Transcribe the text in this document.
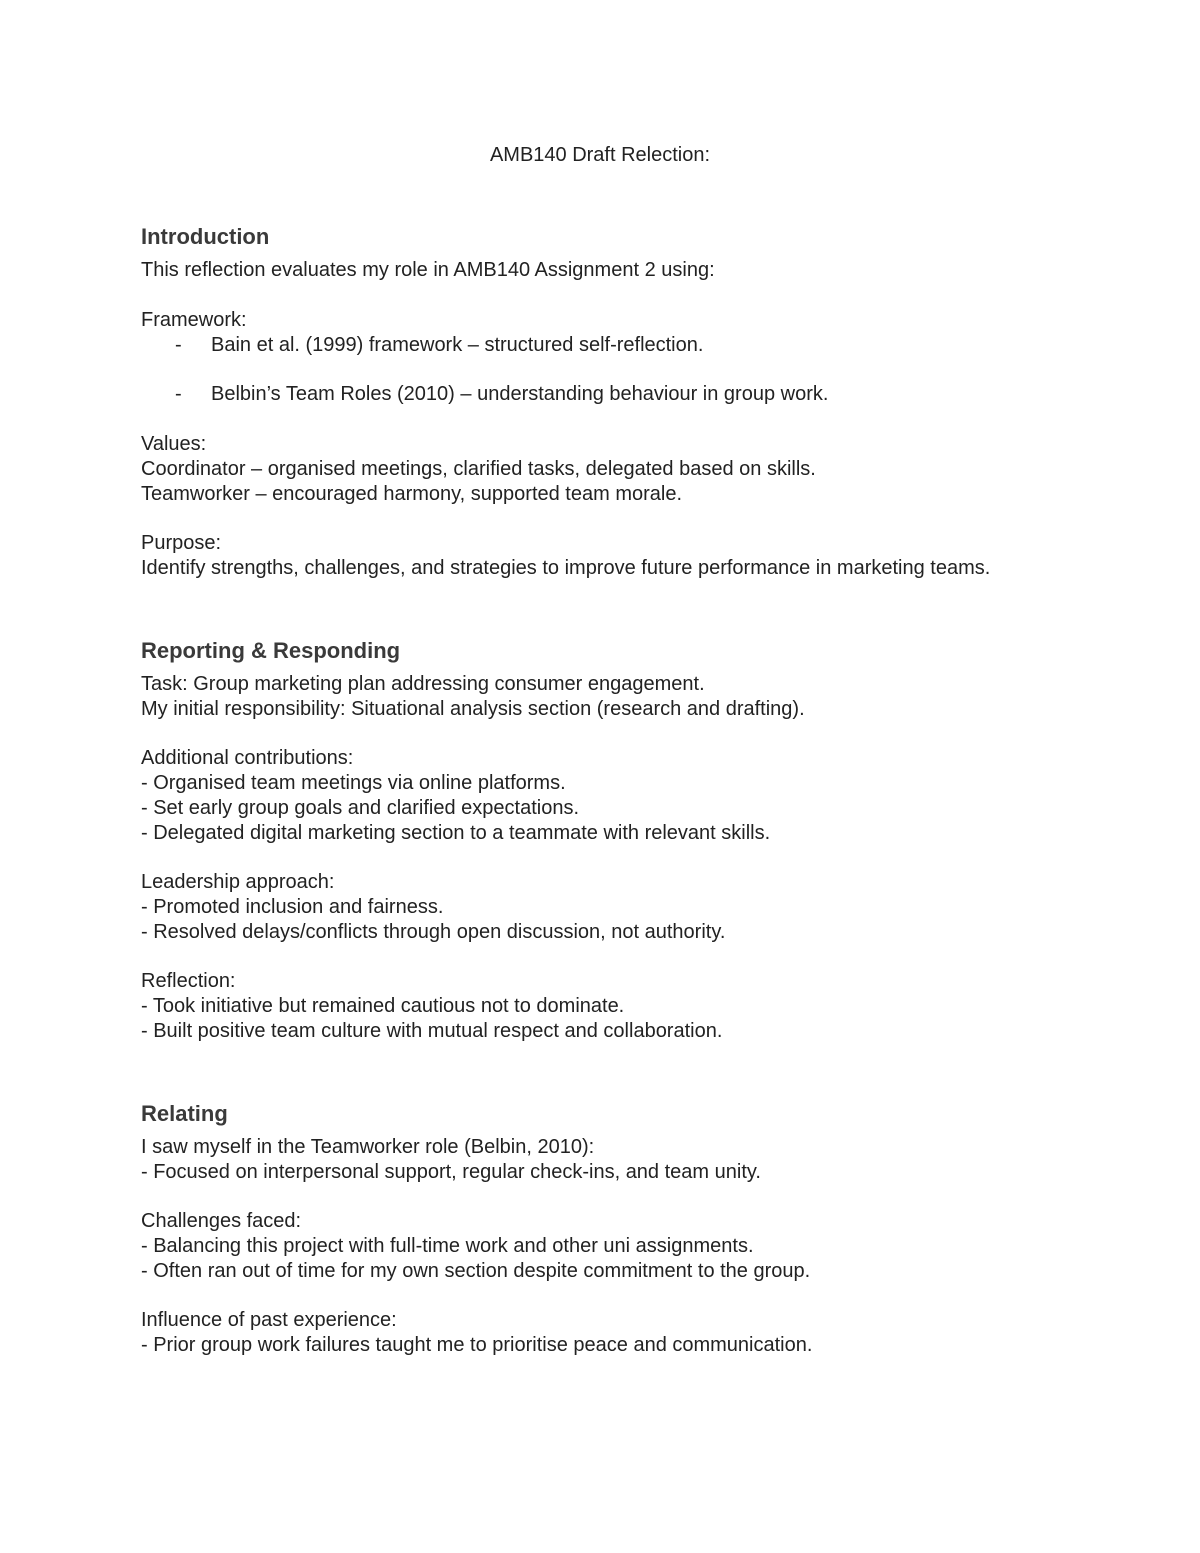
AMB140 Draft Relection:
Introduction
This reflection evaluates my role in AMB140 Assignment 2 using:
Framework:
- Bain et al. (1999) framework – structured self-reflection.
- Belbin’s Team Roles (2010) – understanding behaviour in group work.
Values:
Coordinator – organised meetings, clarified tasks, delegated based on skills.
Teamworker – encouraged harmony, supported team morale.
Purpose:
Identify strengths, challenges, and strategies to improve future performance in marketing teams.
Reporting & Responding
Task: Group marketing plan addressing consumer engagement.
My initial responsibility: Situational analysis section (research and drafting).
Additional contributions:
- Organised team meetings via online platforms.
- Set early group goals and clarified expectations.
- Delegated digital marketing section to a teammate with relevant skills.
Leadership approach:
- Promoted inclusion and fairness.
- Resolved delays/conflicts through open discussion, not authority.
Reflection:
- Took initiative but remained cautious not to dominate.
- Built positive team culture with mutual respect and collaboration.
Relating
I saw myself in the Teamworker role (Belbin, 2010):
- Focused on interpersonal support, regular check-ins, and team unity.
Challenges faced:
- Balancing this project with full-time work and other uni assignments.
- Often ran out of time for my own section despite commitment to the group.
Influence of past experience:
- Prior group work failures taught me to prioritise peace and communication.
